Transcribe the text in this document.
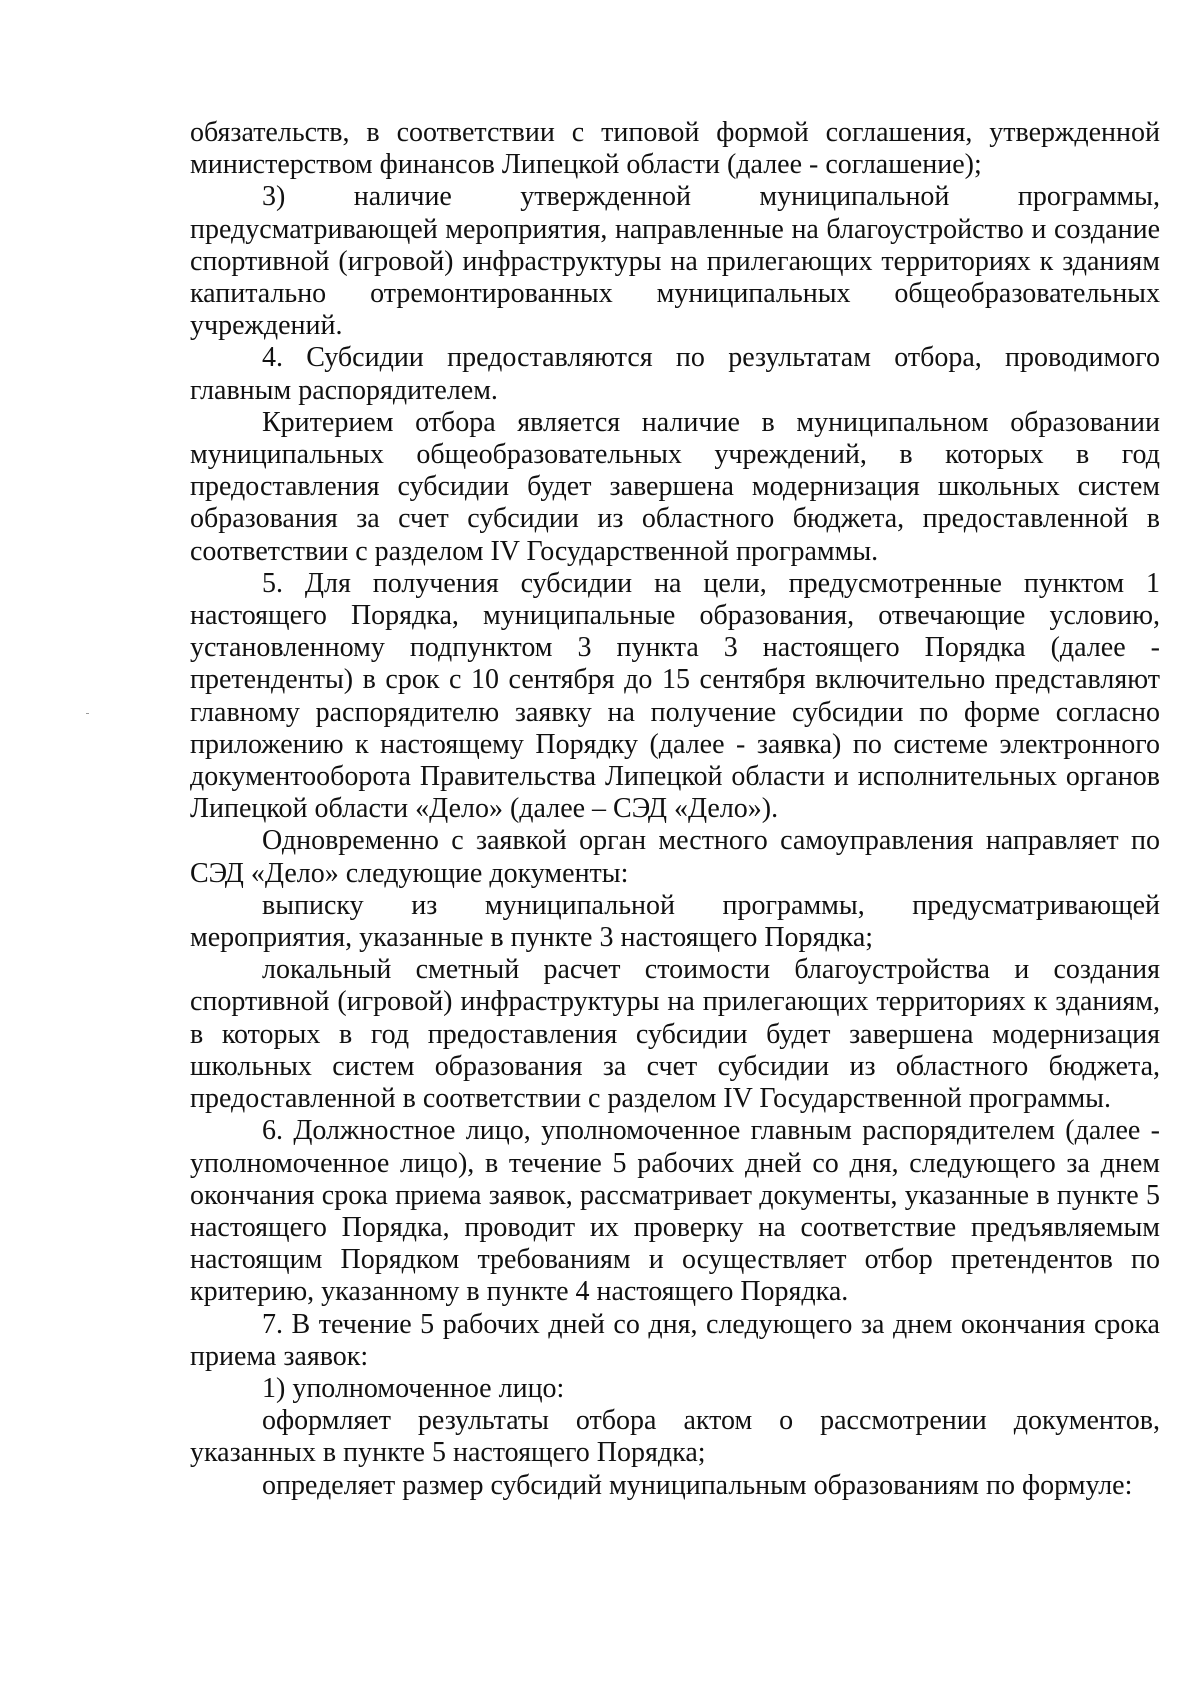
обязательств, в соответствии с типовой формой соглашения, утвержденной министерством финансов Липецкой области (далее - соглашение);

3) наличие утвержденной муниципальной программы, предусматривающей мероприятия, направленные на благоустройство и создание спортивной (игровой) инфраструктуры на прилегающих территориях к зданиям капитально отремонтированных муниципальных общеобразовательных учреждений.

4. Субсидии предоставляются по результатам отбора, проводимого главным распорядителем.

Критерием отбора является наличие в муниципальном образовании муниципальных общеобразовательных учреждений, в которых в год предоставления субсидии будет завершена модернизация школьных систем образования за счет субсидии из областного бюджета, предоставленной в соответствии с разделом IV Государственной программы.

5. Для получения субсидии на цели, предусмотренные пунктом 1 настоящего Порядка, муниципальные образования, отвечающие условию, установленному подпунктом 3 пункта 3 настоящего Порядка (далее - претенденты) в срок с 10 сентября до 15 сентября включительно представляют главному распорядителю заявку на получение субсидии по форме согласно приложению к настоящему Порядку (далее - заявка) по системе электронного документооборота Правительства Липецкой области и исполнительных органов Липецкой области «Дело» (далее – СЭД «Дело»).

Одновременно с заявкой орган местного самоуправления направляет по СЭД «Дело» следующие документы:

выписку из муниципальной программы, предусматривающей мероприятия, указанные в пункте 3 настоящего Порядка;

локальный сметный расчет стоимости благоустройства и создания спортивной (игровой) инфраструктуры на прилегающих территориях к зданиям, в которых в год предоставления субсидии будет завершена модернизация школьных систем образования за счет субсидии из областного бюджета, предоставленной в соответствии с разделом IV Государственной программы.

6. Должностное лицо, уполномоченное главным распорядителем (далее - уполномоченное лицо), в течение 5 рабочих дней со дня, следующего за днем окончания срока приема заявок, рассматривает документы, указанные в пункте 5 настоящего Порядка, проводит их проверку на соответствие предъявляемым настоящим Порядком требованиям и осуществляет отбор претендентов по критерию, указанному в пункте 4 настоящего Порядка.

7. В течение 5 рабочих дней со дня, следующего за днем окончания срока приема заявок:

1) уполномоченное лицо:

оформляет результаты отбора актом о рассмотрении документов, указанных в пункте 5 настоящего Порядка;

определяет размер субсидий муниципальным образованиям по формуле:
